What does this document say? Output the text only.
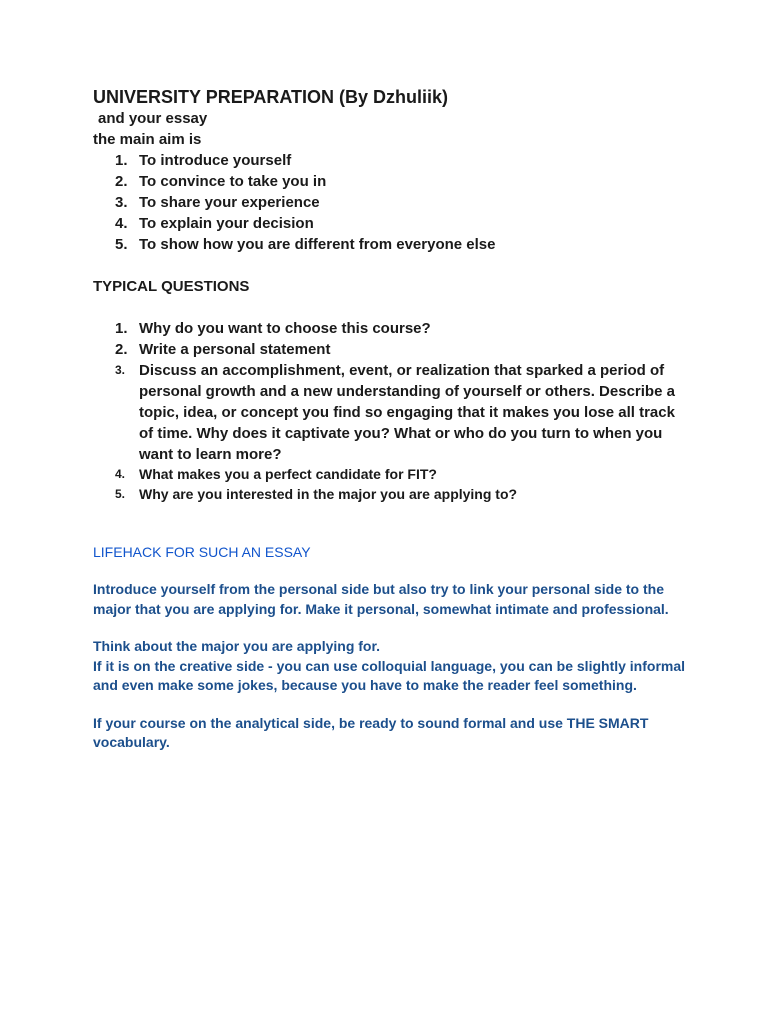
UNIVERSITY PREPARATION (By Dzhuliik)

and your essay

the main aim is

1. To introduce yourself
2. To convince to take you in
3. To share your experience
4. To explain your decision
5. To show how you are different from everyone else

TYPICAL QUESTIONS

1. Why do you want to choose this course?
2. Write a personal statement
3. Discuss an accomplishment, event, or realization that sparked a period of personal growth and a new understanding of yourself or others. Describe a topic, idea, or concept you find so engaging that it makes you lose all track of time. Why does it captivate you? What or who do you turn to when you want to learn more?
4. What makes you a perfect candidate for FIT?
5. Why are you interested in the major you are applying to?

LIFEHACK FOR SUCH AN ESSAY

Introduce yourself from the personal side but also try to link your personal side to the major that you are applying for. Make it personal, somewhat intimate and professional.

Think about the major you are applying for.

If it is on the creative side - you can use colloquial language, you can be slightly informal and even make some jokes, because you have to make the reader feel something.

If your course on the analytical side, be ready to sound formal and use THE SMART vocabulary.
